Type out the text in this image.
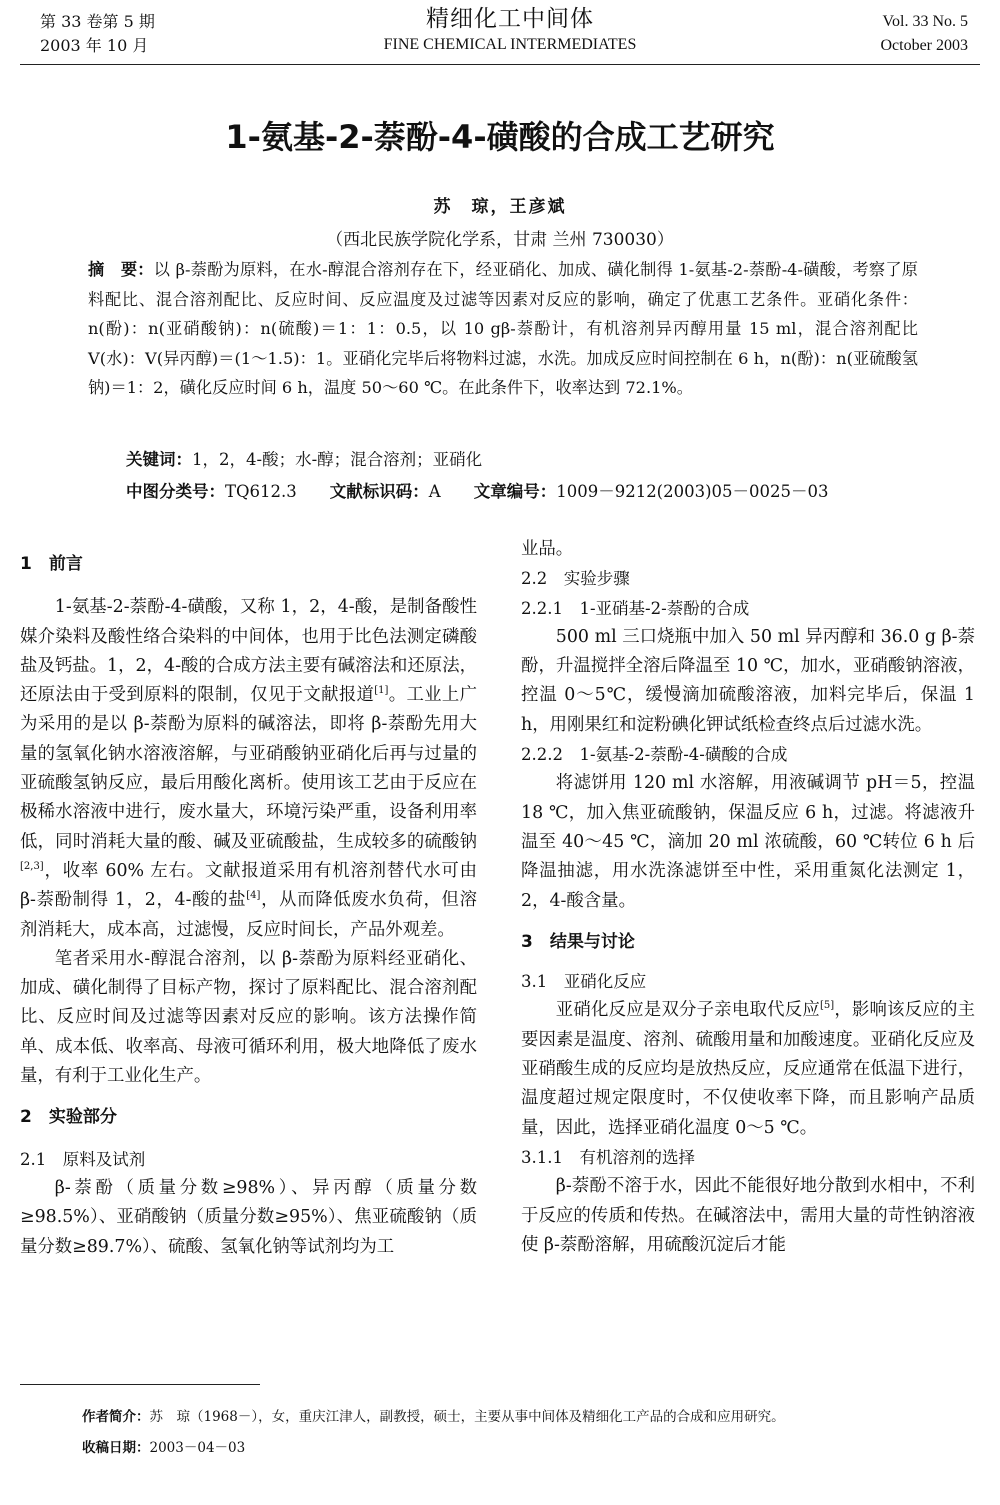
第 33 卷第 5 期
2003 年 10 月
精细化工中间体
FINE CHEMICAL INTERMEDIATES
Vol. 33 No. 5
October 2003
1-氨基-2-萘酚-4-磺酸的合成工艺研究
苏　琼，王彦斌
（西北民族学院化学系，甘肃 兰州 730030）
摘　要：以 β-萘酚为原料，在水-醇混合溶剂存在下，经亚硝化、加成、磺化制得 1-氨基-2-萘酚-4-磺酸，考察了原料配比、混合溶剂配比、反应时间、反应温度及过滤等因素对反应的影响，确定了优惠工艺条件。亚硝化条件：n(酚)：n(亚硝酸钠)：n(硫酸)＝1：1：0.5，以 10 gβ-萘酚计，有机溶剂异丙醇用量 15 ml，混合溶剂配比 V(水)：V(异丙醇)＝(1～1.5)：1。亚硝化完毕后将物料过滤，水洗。加成反应时间控制在 6 h，n(酚)：n(亚硫酸氢钠)＝1：2，磺化反应时间 6 h，温度 50～60 ℃。在此条件下，收率达到 72.1%。
关键词：1，2，4-酸；水-醇；混合溶剂；亚硝化
中图分类号：TQ612.3　　 文献标识码：A　　 文章编号：1009－9212(2003)05－0025－03
1　前言

1-氨基-2-萘酚-4-磺酸，又称 1，2，4-酸，是制备酸性媒介染料及酸性络合染料的中间体，也用于比色法测定磷酸盐及钙盐。1，2，4-酸的合成方法主要有碱溶法和还原法，还原法由于受到原料的限制，仅见于文献报道[1]。工业上广为采用的是以 β-萘酚为原料的碱溶法，即将 β-萘酚先用大量的氢氧化钠水溶液溶解，与亚硝酸钠亚硝化后再与过量的亚硫酸氢钠反应，最后用酸化离析。使用该工艺由于反应在极稀水溶液中进行，废水量大，环境污染严重，设备利用率低，同时消耗大量的酸、碱及亚硫酸盐，生成较多的硫酸钠[2,3]，收率 60% 左右。文献报道采用有机溶剂替代水可由 β-萘酚制得 1，2，4-酸的盐[4]，从而降低废水负荷，但溶剂消耗大，成本高，过滤慢，反应时间长，产品外观差。

笔者采用水-醇混合溶剂，以 β-萘酚为原料经亚硝化、加成、磺化制得了目标产物，探讨了原料配比、混合溶剂配比、反应时间及过滤等因素对反应的影响。该方法操作简单、成本低、收率高、母液可循环利用，极大地降低了废水量，有利于工业化生产。

2　实验部分
2.1　原料及试剂

β-萘酚（质量分数≥98%）、异丙醇（质量分数≥98.5%）、亚硝酸钠（质量分数≥95%）、焦亚硫酸钠（质量分数≥89.7%）、硫酸、氢氧化钠等试剂均为工

业品。
2.2　实验步骤
2.2.1　1-亚硝基-2-萘酚的合成

500 ml 三口烧瓶中加入 50 ml 异丙醇和 36.0 g β-萘酚，升温搅拌全溶后降温至 10 ℃，加水，亚硝酸钠溶液，控温 0～5℃，缓慢滴加硫酸溶液，加料完毕后，保温 1 h，用刚果红和淀粉碘化钾试纸检查终点后过滤水洗。

2.2.2　1-氨基-2-萘酚-4-磺酸的合成

将滤饼用 120 ml 水溶解，用液碱调节 pH＝5，控温 18 ℃，加入焦亚硫酸钠，保温反应 6 h，过滤。将滤液升温至 40～45 ℃，滴加 20 ml 浓硫酸，60 ℃转位 6 h 后降温抽滤，用水洗涤滤饼至中性，采用重氮化法测定 1，2，4-酸含量。

3　结果与讨论
3.1　亚硝化反应

亚硝化反应是双分子亲电取代反应[5]，影响该反应的主要因素是温度、溶剂、硫酸用量和加酸速度。亚硝化反应及亚硝酸生成的反应均是放热反应，反应通常在低温下进行，温度超过规定限度时，不仅使收率下降，而且影响产品质量，因此，选择亚硝化温度 0～5 ℃。

3.1.1　有机溶剂的选择

β-萘酚不溶于水，因此不能很好地分散到水相中，不利于反应的传质和传热。在碱溶法中，需用大量的苛性钠溶液使 β-萘酚溶解，用硫酸沉淀后才能

作者简介：苏　琼（1968－），女，重庆江津人，副教授，硕士，主要从事中间体及精细化工产品的合成和应用研究。
收稿日期：2003－04－03
